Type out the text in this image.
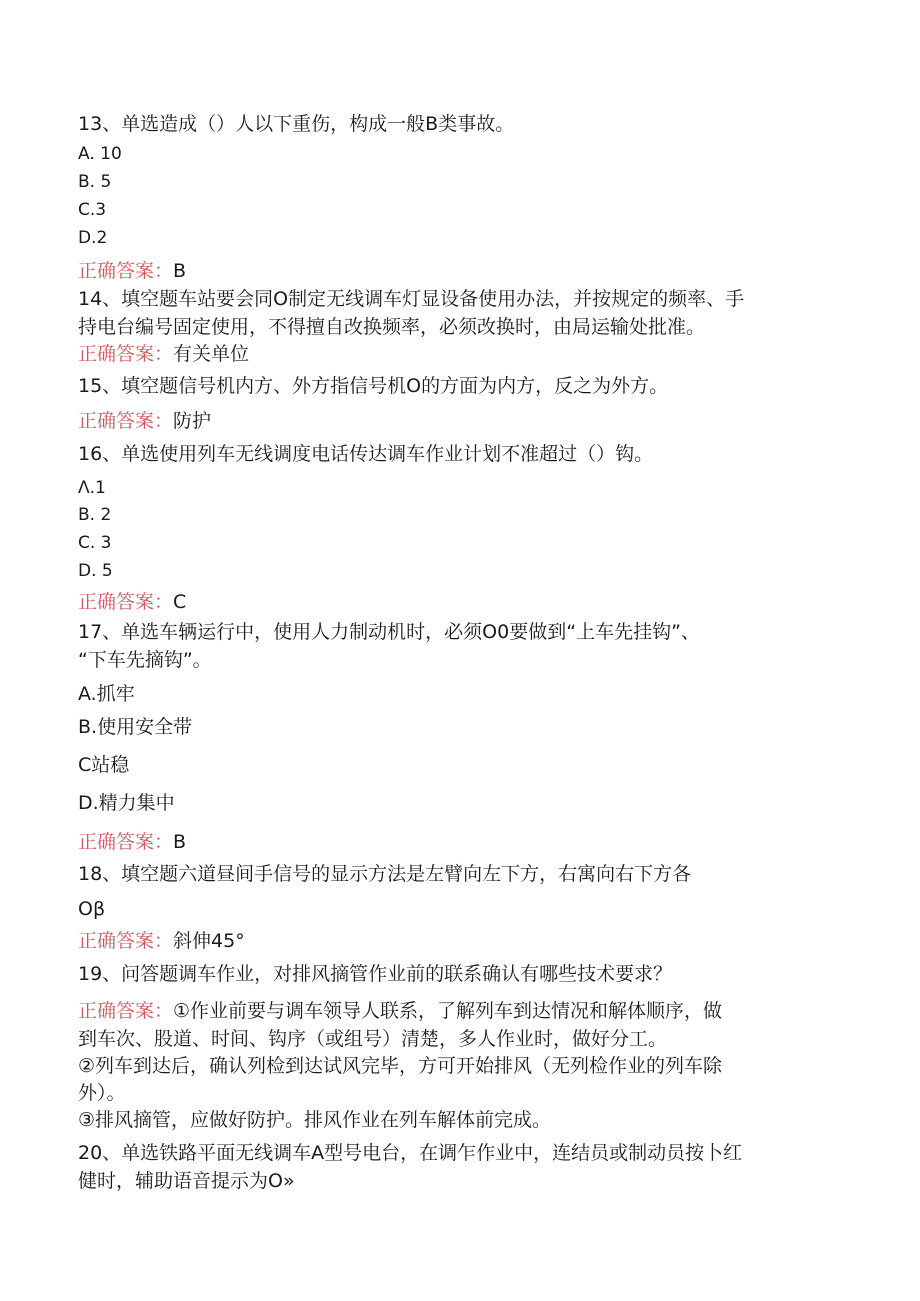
13、单选造成（）人以下重伤，构成一般B类事故。

A. 10

B. 5

C.3

D.2

正确答案：B

14、填空题车站要会同O制定无线调车灯显设备使用办法，并按规定的频率、手

持电台编号固定使用，不得擅自改换频率，必须改换时，由局运输处批准。

正确答案：有关单位

15、填空题信号机内方、外方指信号机O的方面为内方，反之为外方。

正确答案：防护

16、单选使用列车无线调度电话传达调车作业计划不准超过（）钩。

Λ.1

B. 2

C. 3

D. 5

正确答案：C

17、单选车辆运行中，使用人力制动机时，必须O0要做到“上车先挂钩”、

“下车先摘钩”。

A.抓牢

B.使用安全带

C站稳

D.精力集中

正确答案：B

18、填空题六道昼间手信号的显示方法是左臂向左下方，右寓向右下方各

Oβ

正确答案：斜伸45°

19、问答题调车作业，对排风摘管作业前的联系确认有哪些技术要求？

正确答案：①作业前要与调车领导人联系，了解列车到达情况和解体顺序，做

到车次、股道、时间、钩序（或组号）清楚，多人作业时，做好分工。

②列车到达后，确认列检到达试风完毕，方可开始排风（无列检作业的列车除

外）。

③排风摘管，应做好防护。排风作业在列车解体前完成。

20、单选铁路平面无线调车A型号电台，在调乍作业中，连结员或制动员按卜红

健时，辅助语音提示为O»
